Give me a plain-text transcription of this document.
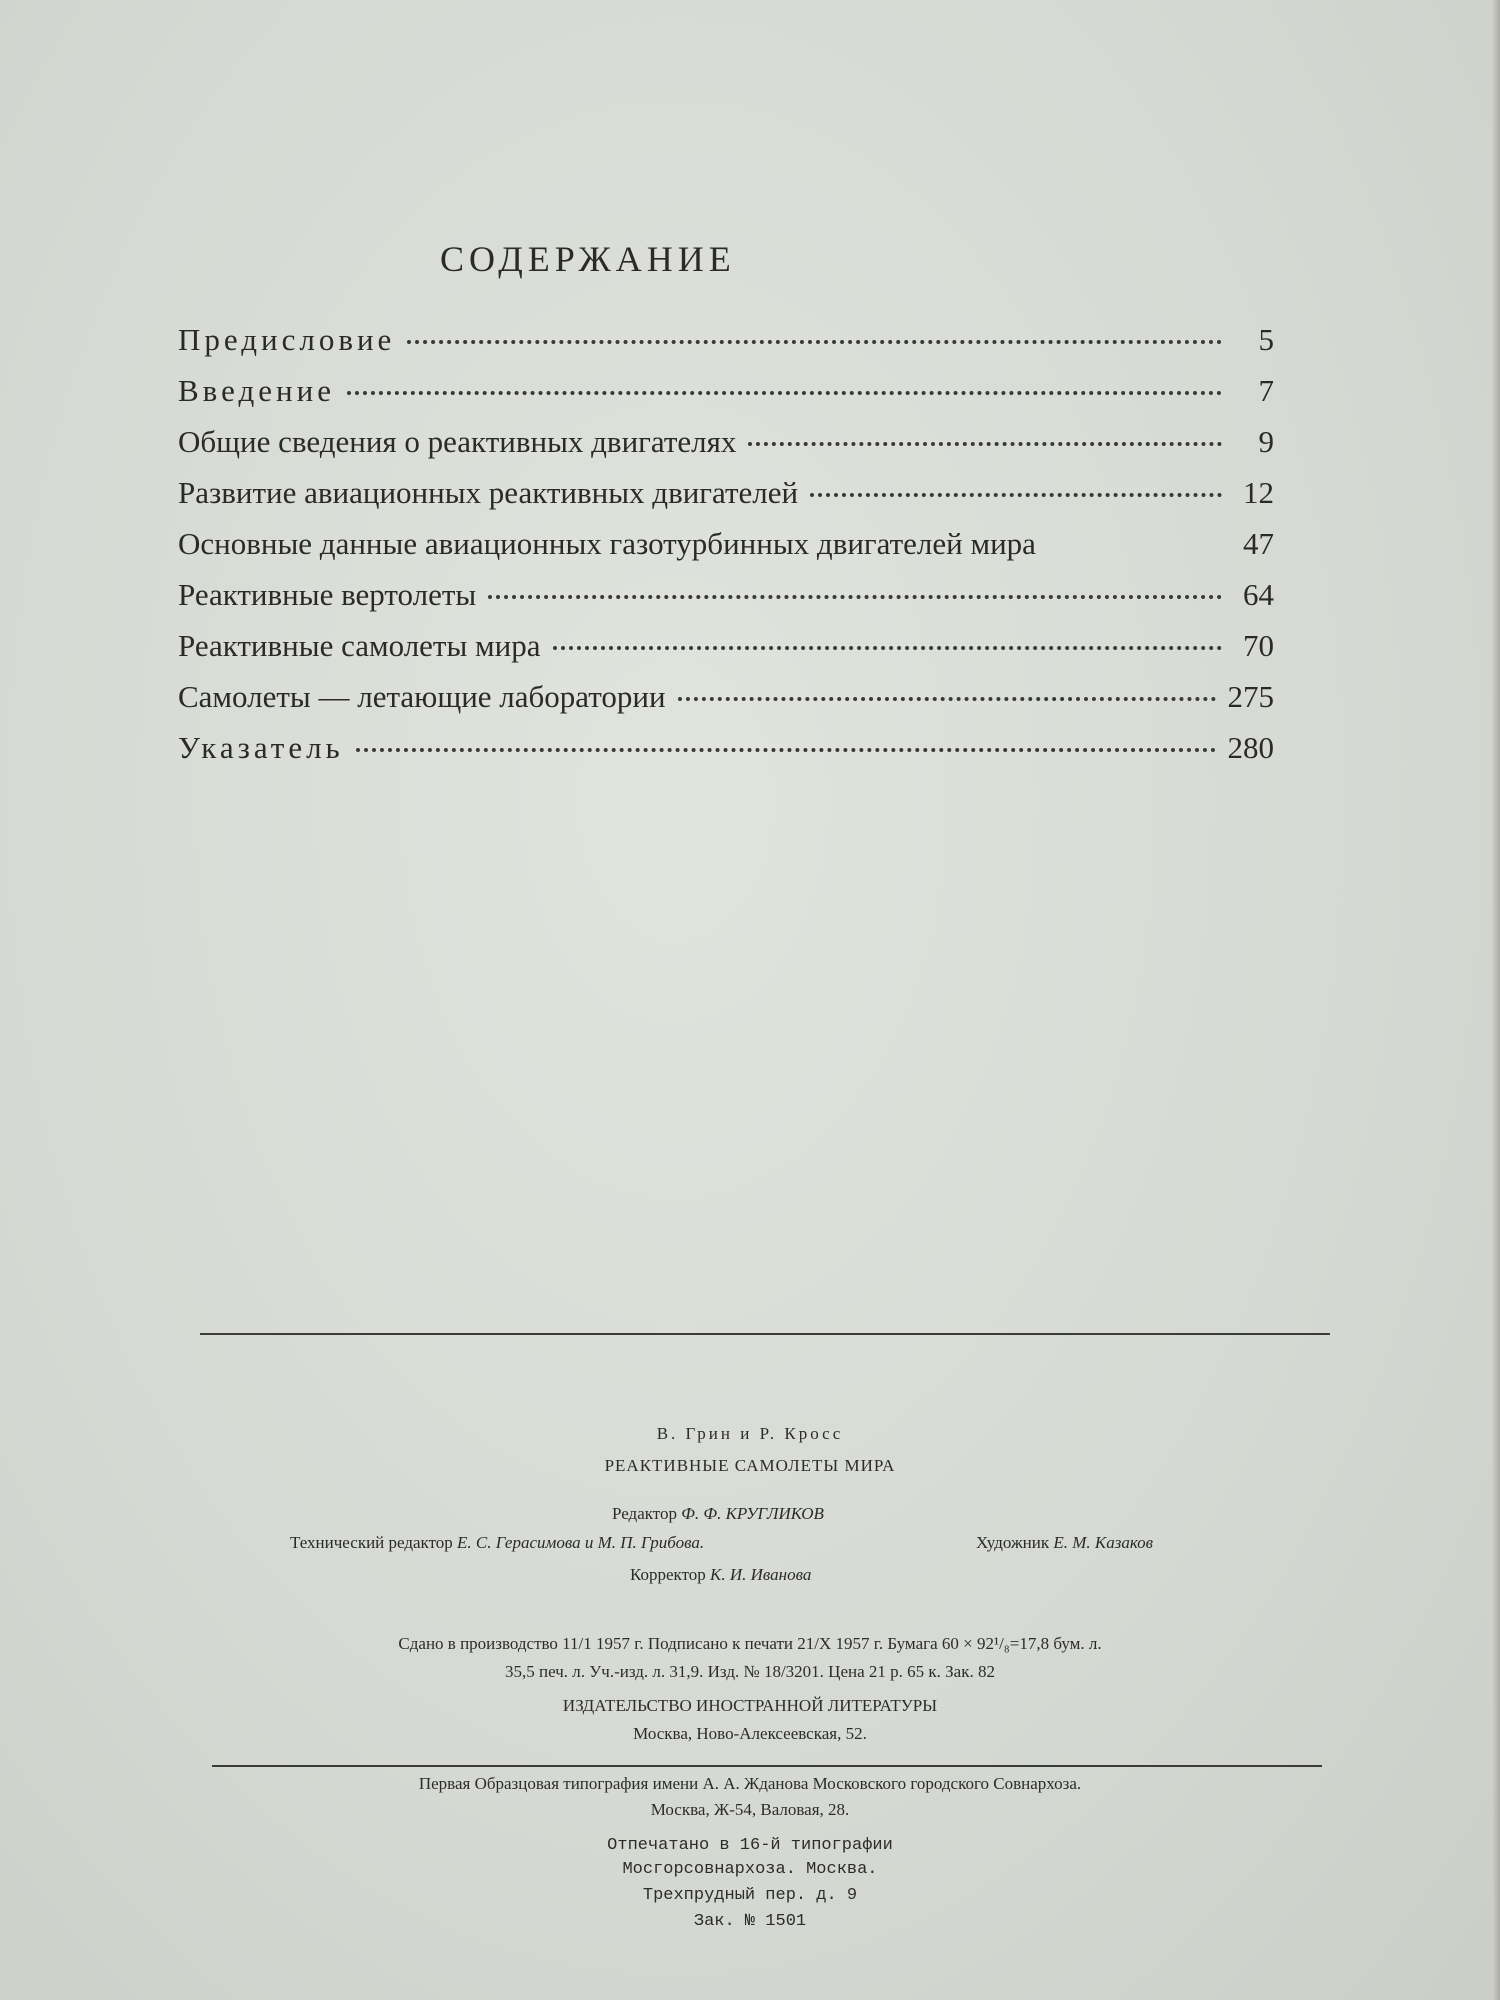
СОДЕРЖАНИЕ
Предисловие	5
Введение	7
Общие сведения о реактивных двигателях	9
Развитие авиационных реактивных двигателей	12
Основные данные авиационных газотурбинных двигателей мира	47
Реактивные вертолеты	64
Реактивные самолеты мира	70
Самолеты — летающие лаборатории	275
Указатель	280
В. Грин и Р. Кросс
РЕАКТИВНЫЕ САМОЛЕТЫ МИРА
Редактор Ф. Ф. КРУГЛИКОВ
Технический редактор Е. С. Герасимова и М. П. Грибова.	Художник Е. М. Казаков
Корректор К. И. Иванова
Сдано в производство 11/1 1957 г. Подписано к печати 21/X 1957 г. Бумага 60 × 92¹/₈=17,8 бум. л.
35,5 печ. л. Уч.-изд. л. 31,9. Изд. № 18/3201. Цена 21 р. 65 к. Зак. 82
ИЗДАТЕЛЬСТВО ИНОСТРАННОЙ ЛИТЕРАТУРЫ
Москва, Ново-Алексеевская, 52.
Первая Образцовая типография имени А. А. Жданова Московского городского Совнархоза.
Москва, Ж-54, Валовая, 28.
Отпечатано в 16-й типографии
Мосгорсовнархоза. Москва.
Трехпрудный пер. д. 9
Зак. № 1501
